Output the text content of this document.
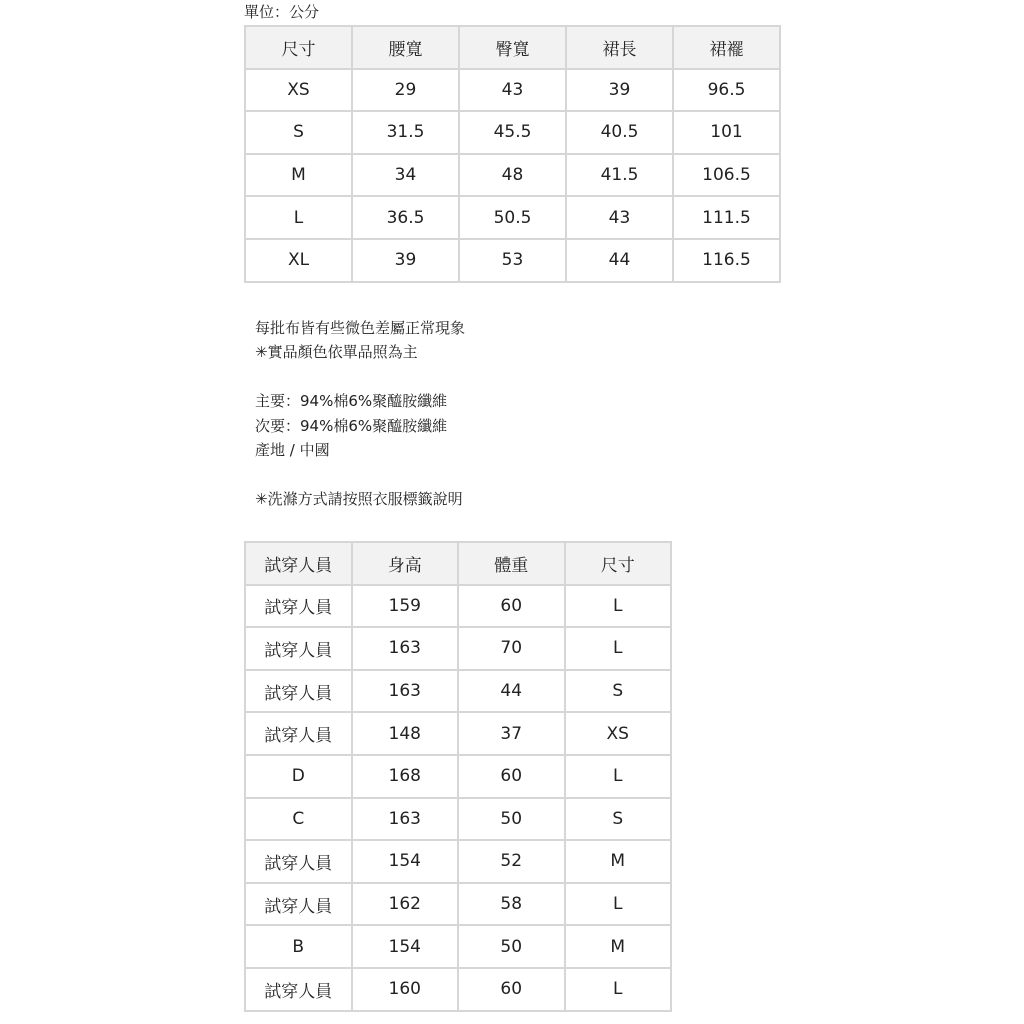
單位：公分
尺寸	腰寬	臀寬	裙長	裙襬
XS	29	43	39	96.5
S	31.5	45.5	40.5	101
M	34	48	41.5	106.5
L	36.5	50.5	43	111.5
XL	39	53	44	116.5
每批布皆有些微色差屬正常現象
✳實品顏色依單品照為主
主要：94%棉6%聚醯胺纖維
次要：94%棉6%聚醯胺纖維
產地 / 中國
✳洗滌方式請按照衣服標籤說明
試穿人員	身高	體重	尺寸
試穿人員	159	60	L
試穿人員	163	70	L
試穿人員	163	44	S
試穿人員	148	37	XS
D	168	60	L
C	163	50	S
試穿人員	154	52	M
試穿人員	162	58	L
B	154	50	M
試穿人員	160	60	L
